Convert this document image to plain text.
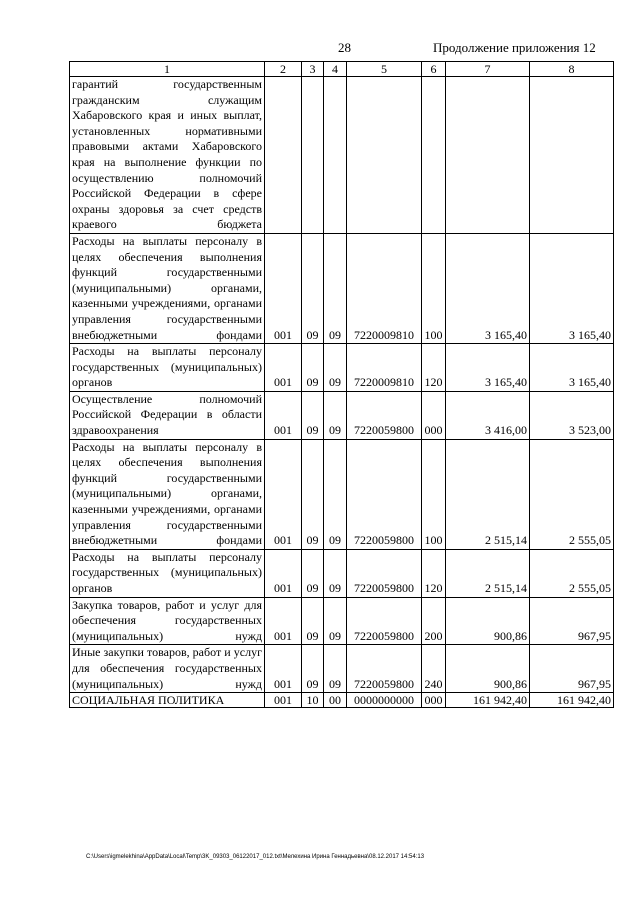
28	Продолжение приложения 12
1	2	3	4	5	6	7	8
гарантий государственным гражданским служащим Хабаровского края и иных выплат, установленных нормативными правовыми актами Хабаровского края на выполнение функции по осуществлению полномочий Российской Федерации в сфере охраны здоровья за счет средств краевого бюджета							
Расходы на выплаты персоналу в целях обеспечения выполнения функций государственными (муниципальными) органами, казенными учреждениями, органами управления государственными внебюджетными фондами	001	09	09	7220009810	100	3 165,40	3 165,40
Расходы на выплаты персоналу государственных (муниципальных) органов	001	09	09	7220009810	120	3 165,40	3 165,40
Осуществление полномочий Российской Федерации в области здравоохранения	001	09	09	7220059800	000	3 416,00	3 523,00
Расходы на выплаты персоналу в целях обеспечения выполнения функций государственными (муниципальными) органами, казенными учреждениями, органами управления государственными внебюджетными фондами	001	09	09	7220059800	100	2 515,14	2 555,05
Расходы на выплаты персоналу государственных (муниципальных) органов	001	09	09	7220059800	120	2 515,14	2 555,05
Закупка товаров, работ и услуг для обеспечения государственных (муниципальных) нужд	001	09	09	7220059800	200	900,86	967,95
Иные закупки товаров, работ и услуг для обеспечения государственных (муниципальных) нужд	001	09	09	7220059800	240	900,86	967,95
СОЦИАЛЬНАЯ ПОЛИТИКА	001	10	00	0000000000	000	161 942,40	161 942,40
C:\Users\igmelekhina\AppData\Local\Temp\3K_09303_06122017_012.txt\Мелехина Ирина Геннадьевна\08.12.2017 14:54:13
